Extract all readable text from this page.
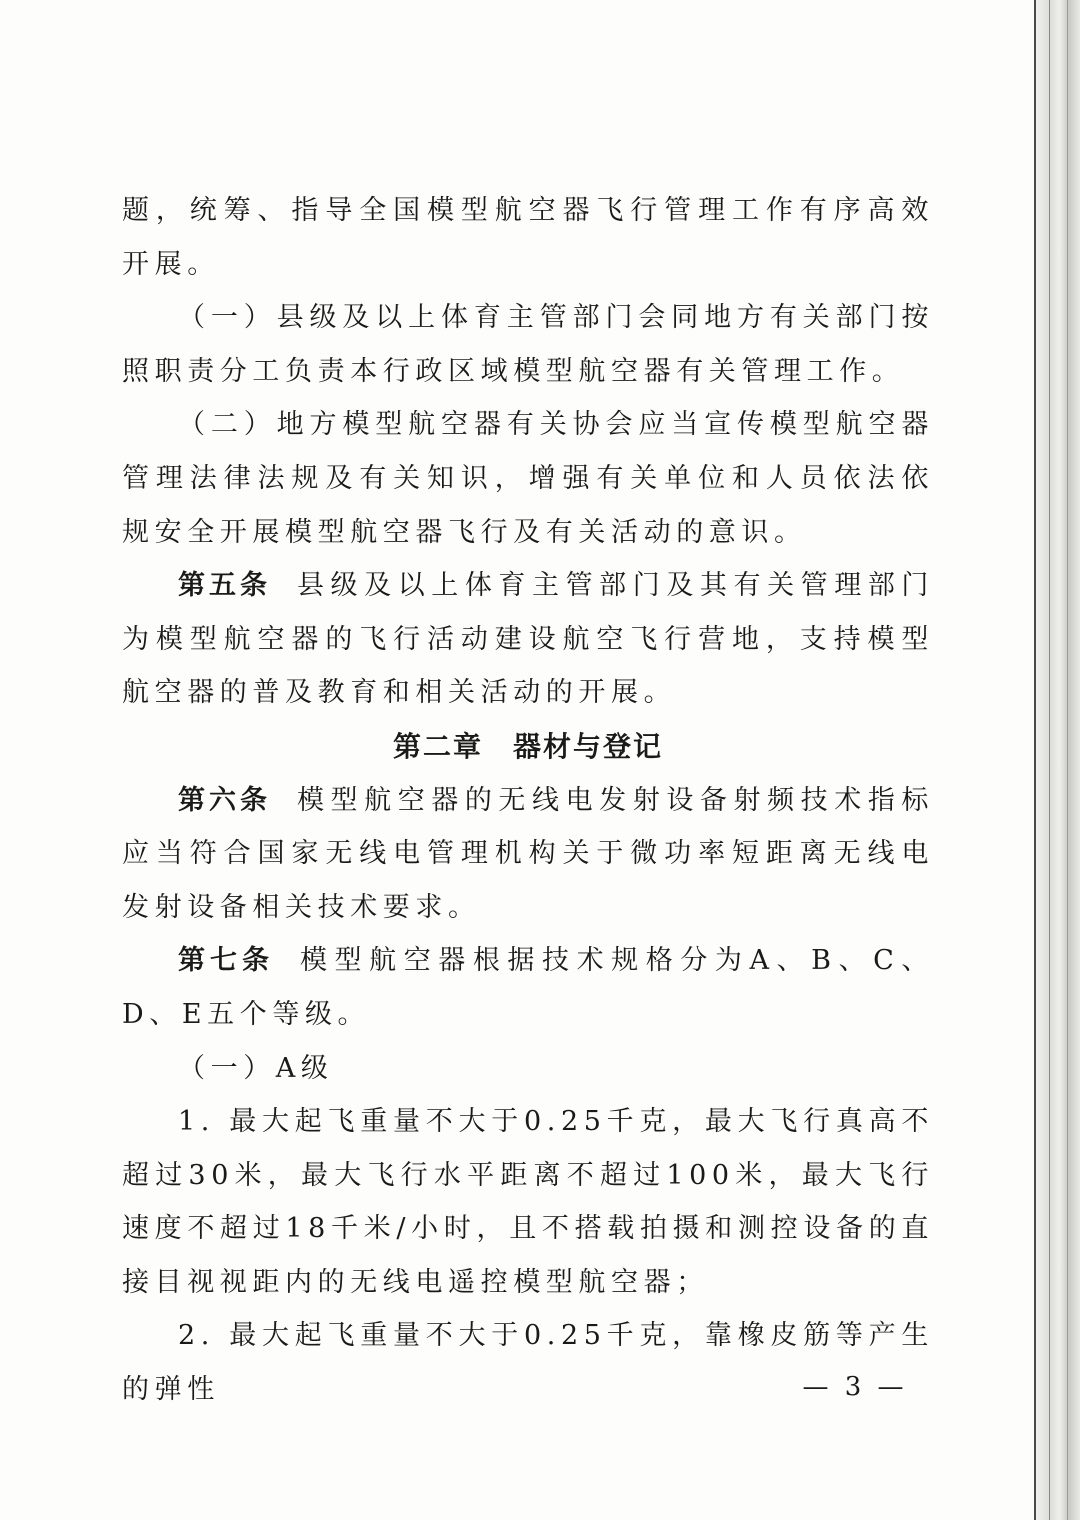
题，统筹、指导全国模型航空器飞行管理工作有序高效开展。

（一）县级及以上体育主管部门会同地方有关部门按照职责分工负责本行政区域模型航空器有关管理工作。

（二）地方模型航空器有关协会应当宣传模型航空器管理法律法规及有关知识，增强有关单位和人员依法依规安全开展模型航空器飞行及有关活动的意识。

第五条 县级及以上体育主管部门及其有关管理部门为模型航空器的飞行活动建设航空飞行营地，支持模型航空器的普及教育和相关活动的开展。

第二章 器材与登记

第六条 模型航空器的无线电发射设备射频技术指标应当符合国家无线电管理机构关于微功率短距离无线电发射设备相关技术要求。

第七条 模型航空器根据技术规格分为A、B、C、D、E五个等级。

（一）A级

1. 最大起飞重量不大于0.25千克，最大飞行真高不超过30米，最大飞行水平距离不超过100米，最大飞行速度不超过18千米/小时，且不搭载拍摄和测控设备的直接目视视距内的无线电遥控模型航空器；

2. 最大起飞重量不大于0.25千克，靠橡皮筋等产生的弹性	— 3 —
